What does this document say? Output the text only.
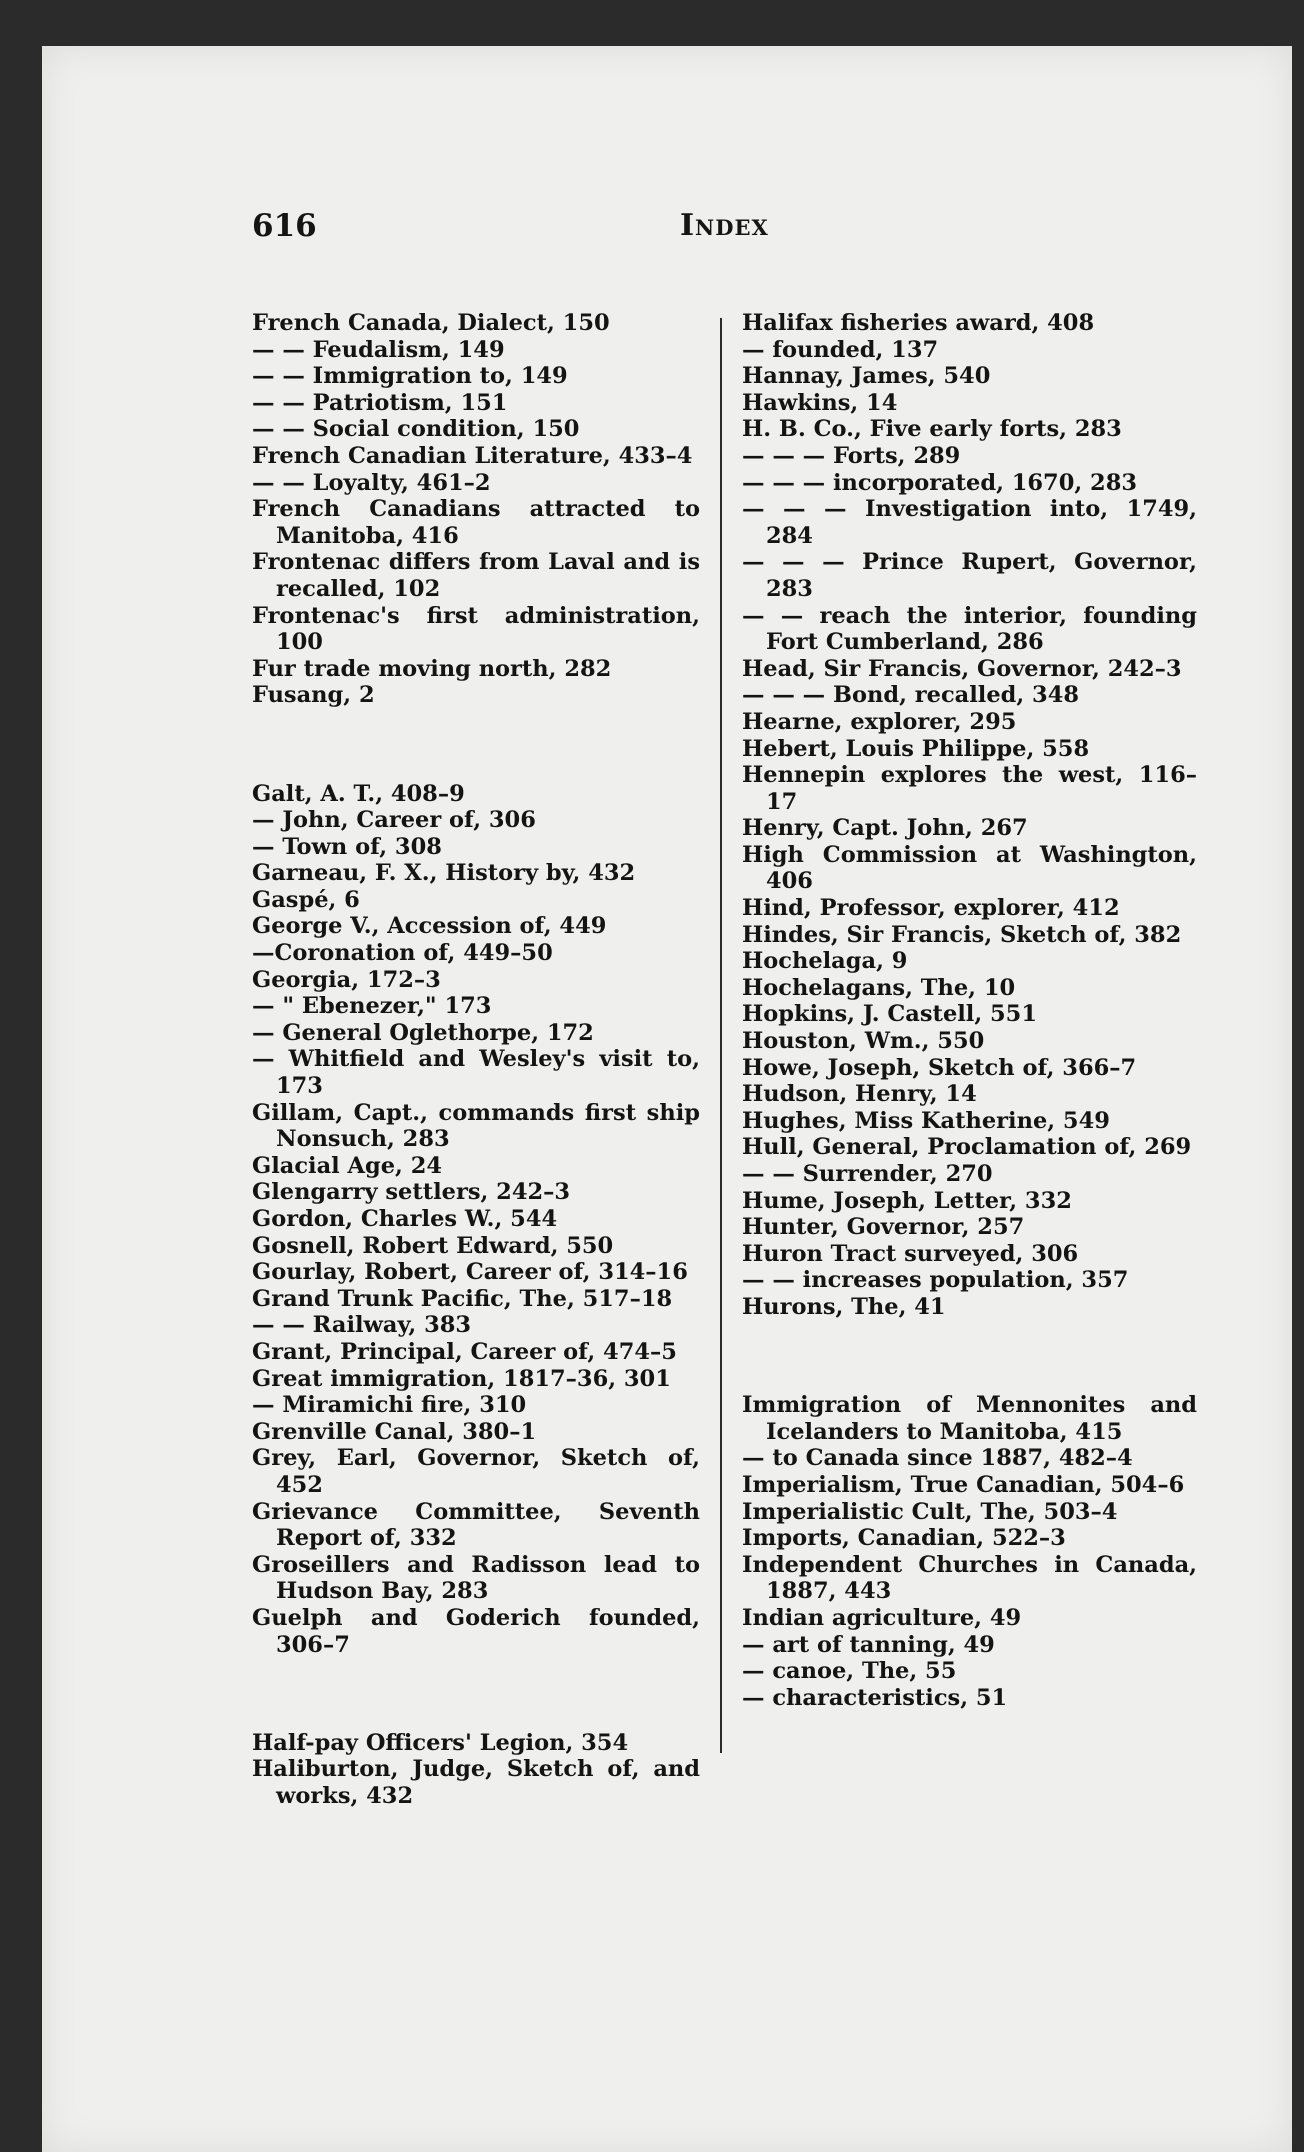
616	Index

French Canada, Dialect, 150

— — Feudalism, 149

— — Immigration to, 149

— — Patriotism, 151

— — Social condition, 150

French Canadian Literature, 433–4

— — Loyalty, 461–2

French Canadians attracted to Manitoba, 416

Frontenac differs from Laval and is recalled, 102

Frontenac's first administration, 100

Fur trade moving north, 282

Fusang, 2

Galt, A. T., 408–9

— John, Career of, 306

— Town of, 308

Garneau, F. X., History by, 432

Gaspé, 6

George V., Accession of, 449

—Coronation of, 449–50

Georgia, 172–3

— " Ebenezer," 173

— General Oglethorpe, 172

— Whitfield and Wesley's visit to, 173

Gillam, Capt., commands first ship Nonsuch, 283

Glacial Age, 24

Glengarry settlers, 242–3

Gordon, Charles W., 544

Gosnell, Robert Edward, 550

Gourlay, Robert, Career of, 314–16

Grand Trunk Pacific, The, 517–18

— — Railway, 383

Grant, Principal, Career of, 474–5

Great immigration, 1817–36, 301

— Miramichi fire, 310

Grenville Canal, 380–1

Grey, Earl, Governor, Sketch of, 452

Grievance Committee, Seventh Report of, 332

Groseillers and Radisson lead to Hudson Bay, 283

Guelph and Goderich founded, 306–7

Half-pay Officers' Legion, 354

Haliburton, Judge, Sketch of, and works, 432

Halifax fisheries award, 408

— founded, 137

Hannay, James, 540

Hawkins, 14

H. B. Co., Five early forts, 283

— — — Forts, 289

— — — incorporated, 1670, 283

— — — Investigation into, 1749, 284

— — — Prince Rupert, Governor, 283

— — reach the interior, founding Fort Cumberland, 286

Head, Sir Francis, Governor, 242–3

— — — Bond, recalled, 348

Hearne, explorer, 295

Hebert, Louis Philippe, 558

Hennepin explores the west, 116–17

Henry, Capt. John, 267

High Commission at Washington, 406

Hind, Professor, explorer, 412

Hindes, Sir Francis, Sketch of, 382

Hochelaga, 9

Hochelagans, The, 10

Hopkins, J. Castell, 551

Houston, Wm., 550

Howe, Joseph, Sketch of, 366–7

Hudson, Henry, 14

Hughes, Miss Katherine, 549

Hull, General, Proclamation of, 269

— — Surrender, 270

Hume, Joseph, Letter, 332

Hunter, Governor, 257

Huron Tract surveyed, 306

— — increases population, 357

Hurons, The, 41

Immigration of Mennonites and Icelanders to Manitoba, 415

— to Canada since 1887, 482–4

Imperialism, True Canadian, 504–6

Imperialistic Cult, The, 503–4

Imports, Canadian, 522–3

Independent Churches in Canada, 1887, 443

Indian agriculture, 49

— art of tanning, 49

— canoe, The, 55

— characteristics, 51
